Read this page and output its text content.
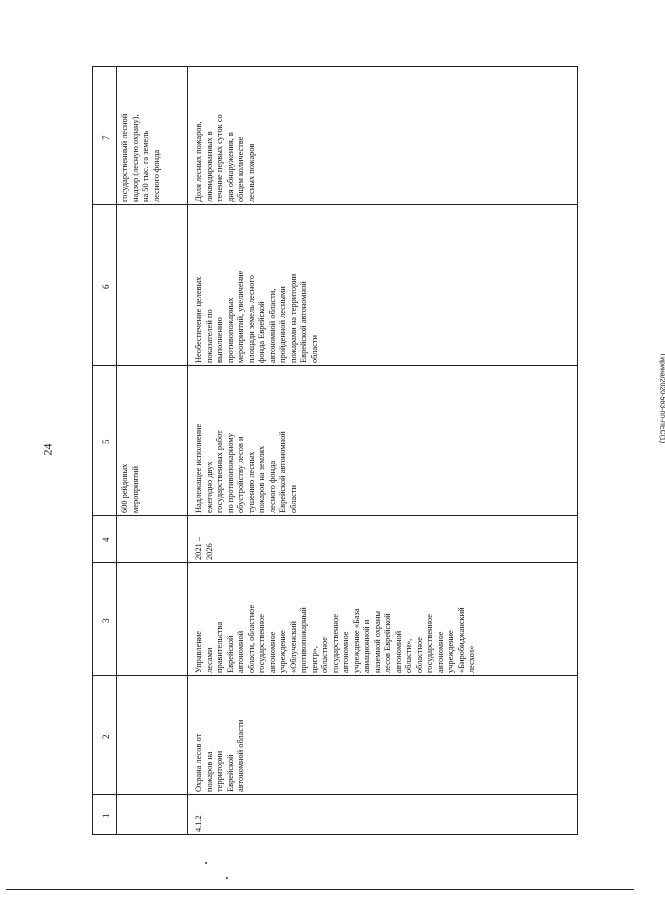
24
Гирина/2020-563-пп-ЛЕС(1)
1
2
3
4
5
6
7
600 рейдовых
мероприятий
государственный лесной
надзор (лесную охрану),
на 50 тыс. га земель
лесного фонда
4.1.2
Охрана лесов от
пожаров на
территории
Еврейской
автономной области
Управление
лесами
правительства
Еврейской
автономной
области, областное
государственное
автономное
учреждение
«Облученский
противопожарный
центр»,
областное
государственное
автономное
учреждение «База
авиационной и
наземной охраны
лесов Еврейской
автономной
области»,
областное
государственное
автономное
учреждение
«Биробиджанский
лесхоз»
2021 –
2026
Надлежащее исполнение
ежегодно двух
государственных работ
по противопожарному
обустройству лесов и
тушению лесных
пожаров на землях
лесного фонда
Еврейской автономной
области
Необеспечение целевых
показателей по
выполнению
противопожарных
мероприятий, увеличение
площади земель лесного
фонда Еврейской
автономной области,
пройденной лесными
пожарами на территории
Еврейской автономной
области
Доля лесных пожаров,
ликвидированных в
течение первых суток со
дня обнаружения, в
общем количестве
лесных пожаров
